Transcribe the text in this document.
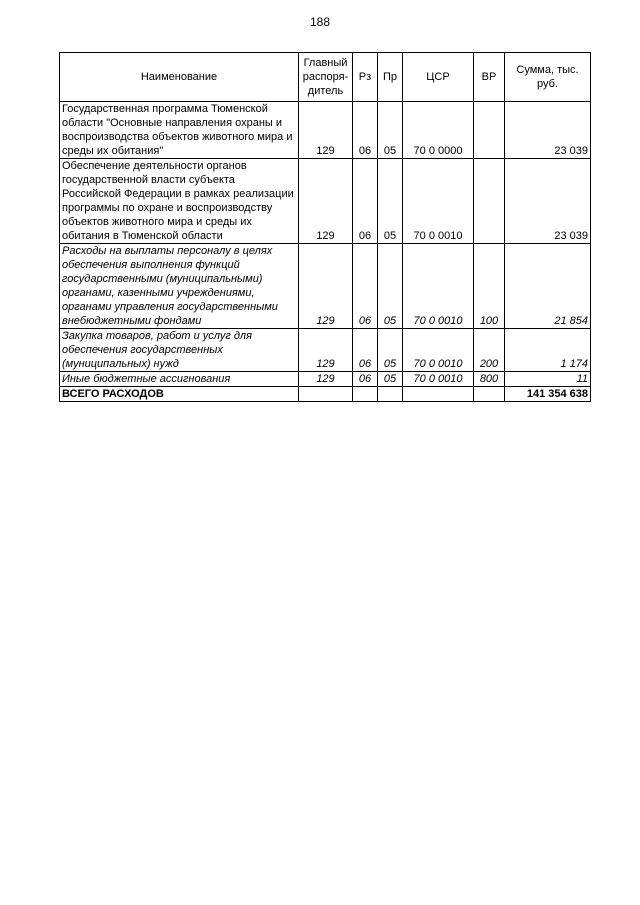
188
Наименование	Главный распоря-дитель	Рз	Пр	ЦСР	ВР	Сумма, тыс. руб.
Государственная программа Тюменской области "Основные направления охраны и воспроизводства объектов животного мира и среды их обитания"	129	06	05	70 0 0000		23 039
Обеспечение деятельности органов государственной власти субъекта Российской Федерации в рамках реализации программы по охране и воспроизводству объектов животного мира и среды их обитания в Тюменской области	129	06	05	70 0 0010		23 039
Расходы на выплаты персоналу в целях обеспечения выполнения функций государственными (муниципальными) органами, казенными учреждениями, органами управления государственными внебюджетными фондами	129	06	05	70 0 0010	100	21 854
Закупка товаров, работ и услуг для обеспечения государственных (муниципальных) нужд	129	06	05	70 0 0010	200	1 174
Иные бюджетные ассигнования	129	06	05	70 0 0010	800	11
ВСЕГО РАСХОДОВ						141 354 638
